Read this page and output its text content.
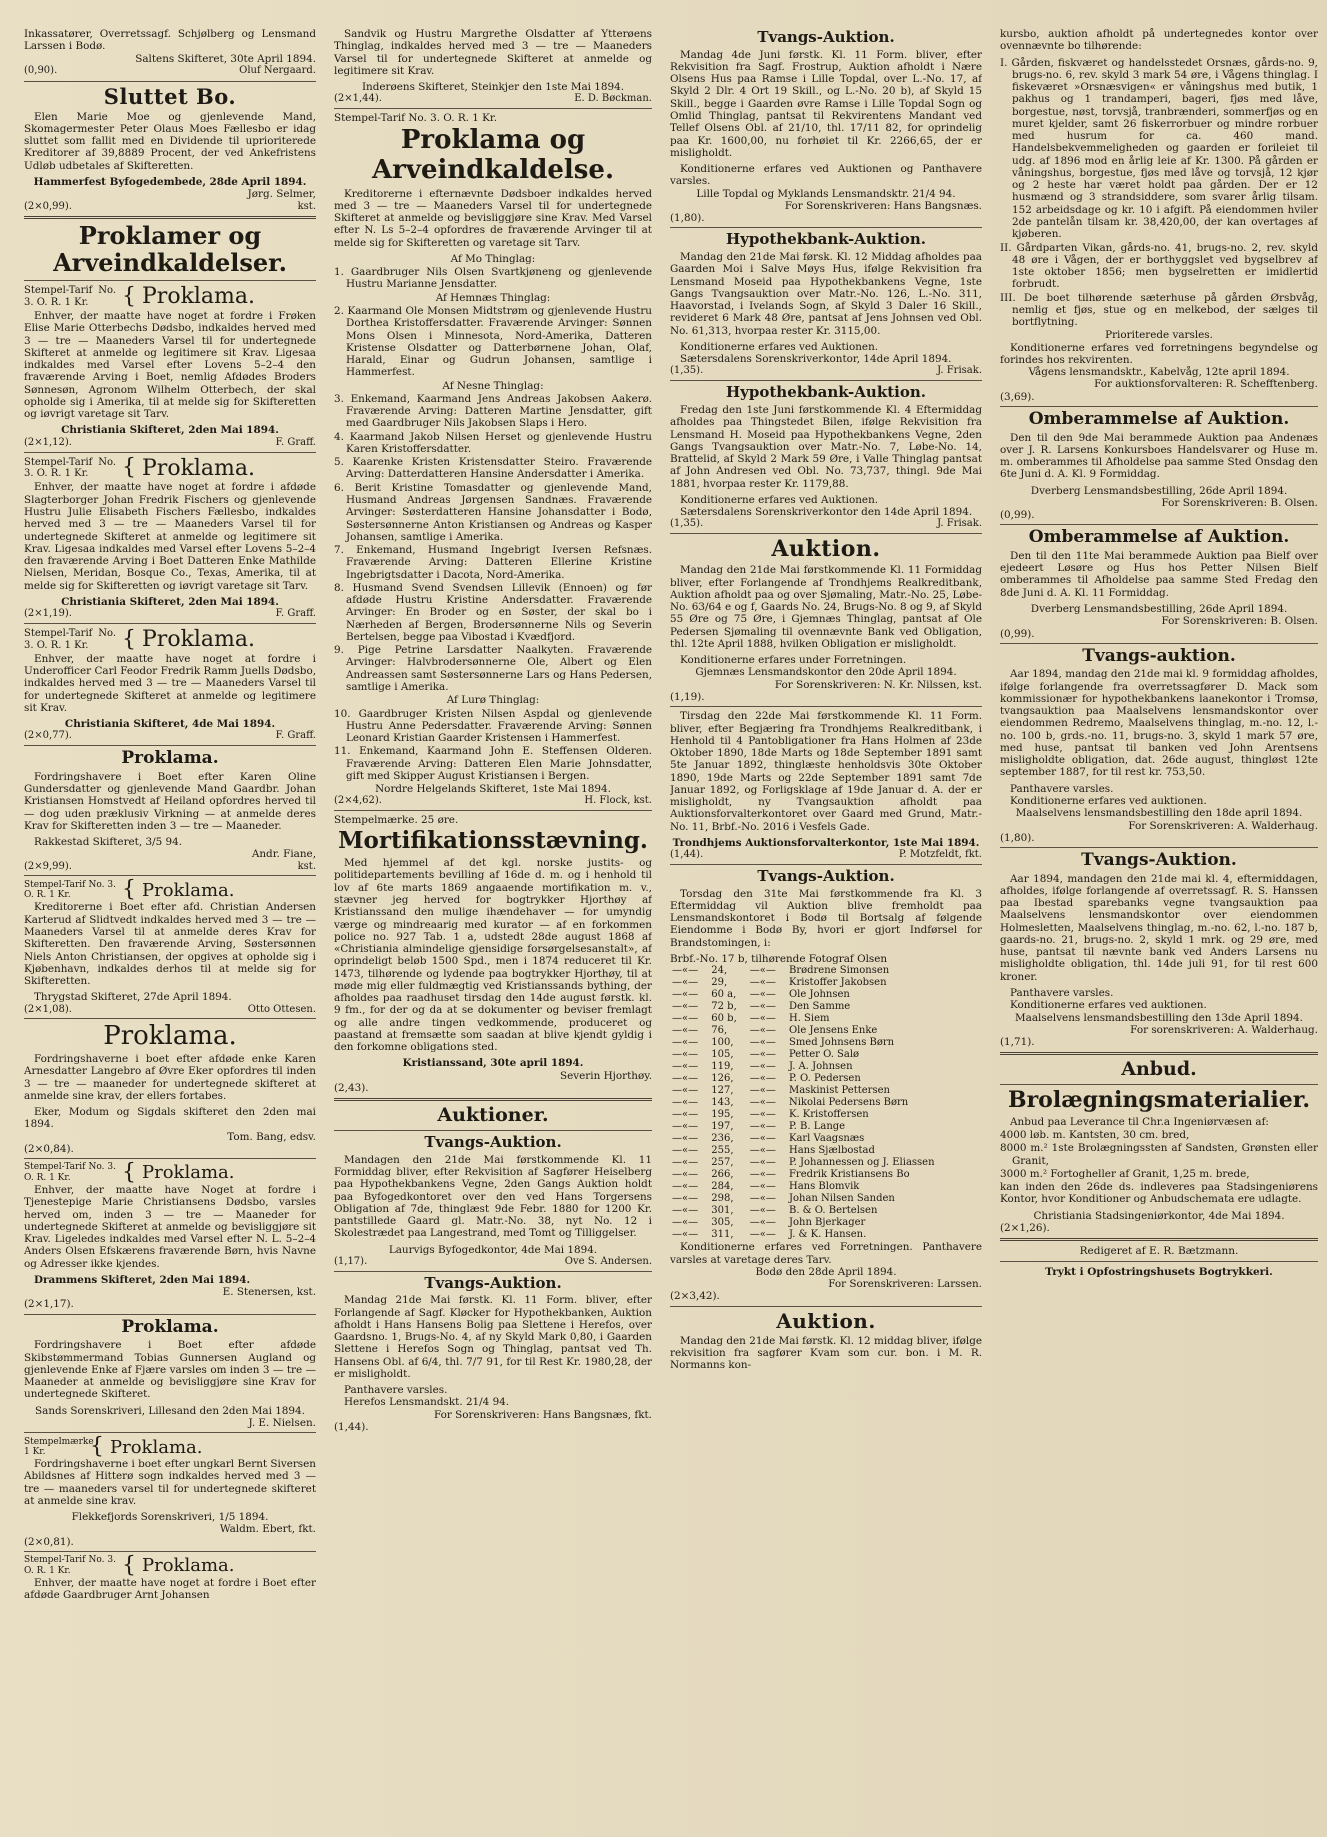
Inkassatører, Overretssagf. Schjølberg og Lensmand Larssen i Bodø.
Saltens Skifteret, 30te April 1894.
(0,90).	Oluf Nergaard.
Sluttet Bo.
Elen Marie Moe og gjenlevende Mand, Skomagermester Peter Olaus Moes Fællesbo er idag sluttet som fallit med en Dividende til uprioriterede Kreditorer af 39,8889 Procent, der ved Ankefristens Udløb udbetales af Skifteretten.
Hammerfest Byfogedembede, 28de April 1894.
Jørg. Selmer,
(2×0,99).	kst.
Proklamer og Arveindkaldelser.
Stempel-Tarif No. 3. O. R. 1 Kr.	{ Proklama.
Enhver, der maatte have noget at fordre i Frøken Elise Marie Otterbechs Dødsbo, indkaldes herved med 3 — tre — Maaneders Varsel til for undertegnede Skifteret at anmelde og legitimere sit Krav. Ligesaa indkaldes med Varsel efter Lovens 5–2–4 den fraværende Arving i Boet, nemlig Afdødes Broders Sønnesøn, Agronom Wilhelm Otterbech, der skal opholde sig i Amerika, til at melde sig for Skifteretten og iøvrigt varetage sit Tarv.
Christiania Skifteret, 2den Mai 1894.
(2×1,12).	F. Graff.
Stempel-Tarif No. 3. O. R. 1 Kr.	{ Proklama.
Enhver, der maatte have noget at fordre i afdøde Slagterborger Johan Fredrik Fischers og gjenlevende Hustru Julie Elisabeth Fischers Fællesbo, indkaldes herved med 3 — tre — Maaneders Varsel til for undertegnede Skifteret at anmelde og legitimere sit Krav. Ligesaa indkaldes med Varsel efter Lovens 5–2–4 den fraværende Arving i Boet Datteren Enke Mathilde Nielsen, Meridan, Bosque Co., Texas, Amerika, til at melde sig for Skifteretten og iøvrigt varetage sit Tarv.
Christiania Skifteret, 2den Mai 1894.
(2×1,19).	F. Graff.
Stempel-Tarif No. 3. O. R. 1 Kr.	{ Proklama.
Enhver, der maatte have noget at fordre i Underofficer Carl Feodor Fredrik Ramm Juells Dødsbo, indkaldes herved med 3 — tre — Maaneders Varsel til for undertegnede Skifteret at anmelde og legitimere sit Krav.
Christiania Skifteret, 4de Mai 1894.
(2×0,77).	F. Graff.
Proklama.
Fordringshavere i Boet efter Karen Oline Gundersdatter og gjenlevende Mand Gaardbr. Johan Kristiansen Homstvedt af Heiland opfordres herved til — dog uden præklusiv Virkning — at anmelde deres Krav for Skifteretten inden 3 — tre — Maaneder.
Rakkestad Skifteret, 3/5 94.
Andr. Fiane,
(2×9,99).	kst.
Stempel-Tarif No. 3. O. R. 1 Kr.	{ Proklama.
Kreditorerne i Boet efter afd. Christian Andersen Karterud af Slidtvedt indkaldes herved med 3 — tre — Maaneders Varsel til at anmelde deres Krav for Skifteretten. Den fraværende Arving, Søstersønnen Niels Anton Christiansen, der opgives at opholde sig i Kjøbenhavn, indkaldes derhos til at melde sig for Skifteretten.
Thrygstad Skifteret, 27de April 1894.
(2×1,08).	Otto Ottesen.
Proklama.
Fordringshaverne i boet efter afdøde enke Karen Arnesdatter Langebro af Øvre Eker opfordres til inden 3 — tre — maaneder for undertegnede skifteret at anmelde sine krav, der ellers fortabes.
Eker, Modum og Sigdals skifteret den 2den mai 1894.
Tom. Bang, edsv.
(2×0,84).
Stempel-Tarif No. 3. O. R. 1 Kr.	{ Proklama.
Enhver, der maatte have Noget at fordre i Tjenestepige Marie Christiansens Dødsbo, varsles herved om, inden 3 — tre — Maaneder for undertegnede Skifteret at anmelde og bevisliggjøre sit Krav. Ligeledes indkaldes med Varsel efter N. L. 5–2–4 Anders Olsen Efskærens fraværende Børn, hvis Navne og Adresser ikke kjendes.
Drammens Skifteret, 2den Mai 1894.
E. Stenersen, kst.
(2×1,17).
Proklama.
Fordringshavere i Boet efter afdøde Skibstømmermand Tobias Gunnersen Augland og gjenlevende Enke af Fjære varsles om inden 3 — tre — Maaneder at anmelde og bevisliggjøre sine Krav for undertegnede Skifteret.
Sands Sorenskriveri, Lillesand den 2den Mai 1894.
J. E. Nielsen.
Stempelmærke 1 Kr.	{ Proklama.
Fordringshaverne i boet efter ungkarl Bernt Siversen Abildsnes af Hitterø sogn indkaldes herved med 3 — tre — maaneders varsel til for undertegnede skifteret at anmelde sine krav.
Flekkefjords Sorenskriveri, 1/5 1894.
Waldm. Ebert, fkt.
(2×0,81).
Stempel-Tarif No. 3. O. R. 1 Kr.	{ Proklama.
Enhver, der maatte have noget at fordre i Boet efter afdøde Gaardbruger Arnt Johansen
Sandvik og Hustru Margrethe Olsdatter af Ytterøens Thinglag, indkaldes herved med 3 — tre — Maaneders Varsel til for undertegnede Skifteret at anmelde og legitimere sit Krav.
Inderøens Skifteret, Steinkjer den 1ste Mai 1894.
(2×1,44).	E. D. Bøckman.
Stempel-Tarif No. 3. O. R. 1 Kr.
Proklama og Arveindkaldelse.
Kreditorerne i efternævnte Dødsboer indkaldes herved med 3 — tre — Maaneders Varsel til for undertegnede Skifteret at anmelde og bevisliggjøre sine Krav. Med Varsel efter N. Ls 5–2–4 opfordres de fraværende Arvinger til at melde sig for Skifteretten og varetage sit Tarv.
Af Mo Thinglag:
1. Gaardbruger Nils Olsen Svartkjøneng og gjenlevende Hustru Marianne Jensdatter.
Af Hemnæs Thinglag:
2. Kaarmand Ole Monsen Midtstrøm og gjenlevende Hustru Dorthea Kristoffersdatter. Fraværende Arvinger: Sønnen Mons Olsen i Minnesota, Nord-Amerika, Datteren Kristense Olsdatter og Datterbørnene Johan, Olaf, Harald, Einar og Gudrun Johansen, samtlige i Hammerfest.
Af Nesne Thinglag:
3. Enkemand, Kaarmand Jens Andreas Jakobsen Aakerø. Fraværende Arving: Datteren Martine Jensdatter, gift med Gaardbruger Nils Jakobsen Slaps i Hero.
4. Kaarmand Jakob Nilsen Herset og gjenlevende Hustru Karen Kristoffersdatter.
5. Kaarenke Kristen Kristensdatter Steiro. Fraværende Arving: Datterdatteren Hansine Andersdatter i Amerika.
6. Berit Kristine Tomasdatter og gjenlevende Mand, Husmand Andreas Jørgensen Sandnæs. Fraværende Arvinger: Søsterdatteren Hansine Johansdatter i Bodø, Søstersønnerne Anton Kristiansen og Andreas og Kasper Johansen, samtlige i Amerika.
7. Enkemand, Husmand Ingebrigt Iversen Refsnæs. Fraværende Arving: Datteren Ellerine Kristine Ingebrigtsdatter i Dacota, Nord-Amerika.
8. Husmand Svend Svendsen Lillevik (Ennoen) og før afdøde Hustru Kristine Andersdatter. Fraværende Arvinger: En Broder og en Søster, der skal bo i Nærheden af Bergen, Brodersønnerne Nils og Severin Bertelsen, begge paa Vibostad i Kvædfjord.
9. Pige Petrine Larsdatter Naalkyten. Fraværende Arvinger: Halvbrodersønnerne Ole, Albert og Elen Andreassen samt Søstersønnerne Lars og Hans Pedersen, samtlige i Amerika.
Af Lurø Thinglag:
10. Gaardbruger Kristen Nilsen Aspdal og gjenlevende Hustru Anne Pedersdatter. Fraværende Arving: Sønnen Leonard Kristian Gaarder Kristensen i Hammerfest.
11. Enkemand, Kaarmand John E. Steffensen Olderen. Fraværende Arving: Datteren Elen Marie Johnsdatter, gift med Skipper August Kristiansen i Bergen.
Nordre Helgelands Skifteret, 1ste Mai 1894.
(2×4,62).	H. Flock, kst.
Stempelmærke. 25 øre.
Mortifikationsstævning.
Med hjemmel af det kgl. norske justits- og politidepartements bevilling af 16de d. m. og i henhold til lov af 6te marts 1869 angaaende mortifikation m. v., stævner jeg herved for bogtrykker Hjorthøy af Kristianssand den mulige ihændehaver — for umyndig værge og mindreaarig med kurator — af en forkommen police no. 927 Tab. 1 a, udstedt 28de august 1868 af «Christiania almindelige gjensidige forsørgelsesanstalt», af oprindeligt beløb 1500 Spd., men i 1874 reduceret til Kr. 1473, tilhørende og lydende paa bogtrykker Hjorthøy, til at møde mig eller fuldmægtig ved Kristianssands bything, der afholdes paa raadhuset tirsdag den 14de august førstk. kl. 9 fm., for der og da at se dokumenter og beviser fremlagt og alle andre tingen vedkommende, produceret og paastand at fremsætte som saadan at blive kjendt gyldig i den forkomne obligations sted.
Kristianssand, 30te april 1894.
Severin Hjorthøy.
(2,43).
Auktioner.
Tvangs-Auktion.
Mandagen den 21de Mai førstkommende Kl. 11 Formiddag bliver, efter Rekvisition af Sagfører Heiselberg paa Hypothekbankens Vegne, 2den Gangs Auktion holdt paa Byfogedkontoret over den ved Hans Torgersens Obligation af 7de, thinglæst 9de Febr. 1880 for 1200 Kr. pantstillede Gaard gl. Matr.-No. 38, nyt No. 12 i Skolestrædet paa Langestrand, med Tomt og Tilliggelser.
Laurvigs Byfogedkontor, 4de Mai 1894.
(1,17).	Ove S. Andersen.
Tvangs-Auktion.
Mandag 21de Mai førstk. Kl. 11 Form. bliver, efter Forlangende af Sagf. Kløcker for Hypothekbanken, Auktion afholdt i Hans Hansens Bolig paa Slettene i Herefos, over Gaardsno. 1, Brugs-No. 4, af ny Skyld Mark 0,80, i Gaarden Slettene i Herefos Sogn og Thinglag, pantsat ved Th. Hansens Obl. af 6/4, thl. 7/7 91, for til Rest Kr. 1980,28, der er misligholdt.
Panthavere varsles.
Herefos Lensmandskt. 21/4 94.
For Sorenskriveren: Hans Bangsnæs, fkt.
(1,44).
Tvangs-Auktion.
Mandag 4de Juni førstk. Kl. 11 Form. bliver, efter Rekvisition fra Sagf. Frostrup, Auktion afholdt i Nære Olsens Hus paa Ramse i Lille Topdal, over L.-No. 17, af Skyld 2 Dlr. 4 Ort 19 Skill., og L.-No. 20 b), af Skyld 15 Skill., begge i Gaarden øvre Ramse i Lille Topdal Sogn og Omlid Thinglag, pantsat til Rekvirentens Mandant ved Tellef Olsens Obl. af 21/10, thl. 17/11 82, for oprindelig paa Kr. 1600,00, nu forhøiet til Kr. 2266,65, der er misligholdt.
Konditionerne erfares ved Auktionen og Panthavere varsles.
Lille Topdal og Myklands Lensmandsktr. 21/4 94.
For Sorenskriveren: Hans Bangsnæs.
(1,80).
Hypothekbank-Auktion.
Mandag den 21de Mai førsk. Kl. 12 Middag afholdes paa Gaarden Moi i Salve Møys Hus, ifølge Rekvisition fra Lensmand Moseid paa Hypothekbankens Vegne, 1ste Gangs Tvangsauktion over Matr.-No. 126, L.-No. 311, Haavorstad, i Ivelands Sogn, af Skyld 3 Daler 16 Skill., revideret 6 Mark 48 Øre, pantsat af Jens Johnsen ved Obl. No. 61,313, hvorpaa rester Kr. 3115,00.
Konditionerne erfares ved Auktionen.
Sætersdalens Sorenskriverkontor, 14de April 1894.
(1,35).	J. Frisak.
Hypothekbank-Auktion.
Fredag den 1ste Juni førstkommende Kl. 4 Eftermiddag afholdes paa Thingstedet Bilen, ifølge Rekvisition fra Lensmand H. Moseid paa Hypothekbankens Vegne, 2den Gangs Tvangsauktion over Matr.-No. 7, Løbe-No. 14, Brattelid, af Skyld 2 Mark 59 Øre, i Valle Thinglag pantsat af John Andresen ved Obl. No. 73,737, thingl. 9de Mai 1881, hvorpaa rester Kr. 1179,88.
Konditionerne erfares ved Auktionen.
Sætersdalens Sorenskriverkontor den 14de April 1894.
(1,35).	J. Frisak.
Auktion.
Mandag den 21de Mai førstkommende Kl. 11 Formiddag bliver, efter Forlangende af Trondhjems Realkreditbank, Auktion afholdt paa og over Sjømaling, Matr.-No. 25, Løbe-No. 63/64 e og f, Gaards No. 24, Brugs-No. 8 og 9, af Skyld 55 Øre og 75 Øre, i Gjemnæs Thinglag, pantsat af Ole Pedersen Sjømaling til ovennævnte Bank ved Obligation, thl. 12te April 1888, hvilken Obligation er misligholdt.
Konditionerne erfares under Forretningen.
Gjemnæs Lensmandskontor den 20de April 1894.
For Sorenskriveren: N. Kr. Nilssen, kst.
(1,19).
Tirsdag den 22de Mai førstkommende Kl. 11 Form. bliver, efter Begjæring fra Trondhjems Realkreditbank, i Henhold til 4 Pantobligationer fra Hans Holmen af 23de Oktober 1890, 18de Marts og 18de September 1891 samt 5te Januar 1892, thinglæste henholdsvis 30te Oktober 1890, 19de Marts og 22de September 1891 samt 7de Januar 1892, og Forligsklage af 19de Januar d. A. der er misligholdt, ny Tvangsauktion afholdt paa Auktionsforvalterkontoret over Gaard med Grund, Matr.-No. 11, Brbf.-No. 2016 i Vesfels Gade.
Trondhjems Auktionsforvalterkontor, 1ste Mai 1894.
(1,44).	P. Motzfeldt, fkt.
Tvangs-Auktion.
Torsdag den 31te Mai førstkommende fra Kl. 3 Eftermiddag vil Auktion blive fremholdt paa Lensmandskontoret i Bodø til Bortsalg af følgende Eiendomme i Bodø By, hvori er gjort Indførsel for Brandstomingen, i:
Brbf.-No. 17 b, tilhørende Fotograf Olsen
—«—	24,	—«—	Brødrene Simonsen
—«—	29,	—«—	Kristoffer Jakobsen
—«—	60 a,	—«—	Ole Johnsen
—«—	72 b,	—«—	Den Samme
—«—	60 b,	—«—	H. Siem
—«—	76,	—«—	Ole Jensens Enke
—«—	100,	—«—	Smed Johnsens Børn
—«—	105,	—«—	Petter O. Salø
—«—	119,	—«—	J. A. Johnsen
—«—	126,	—«—	P. O. Pedersen
—«—	127,	—«—	Maskinist Pettersen
—«—	143,	—«—	Nikolai Pedersens Børn
—«—	195,	—«—	K. Kristoffersen
—«—	197,	—«—	P. B. Lange
—«—	236,	—«—	Karl Vaagsnæs
—«—	255,	—«—	Hans Sjælbostad
—«—	257,	—«—	P. Johannessen og J. Eliassen
—«—	266,	—«—	Fredrik Kristiansens Bo
—«—	284,	—«—	Hans Blomvik
—«—	298,	—«—	Johan Nilsen Sanden
—«—	301,	—«—	B. & O. Bertelsen
—«—	305,	—«—	John Bjerkager
—«—	311,	—«—	J. & K. Hansen.
Konditionerne erfares ved Forretningen. Panthavere varsles at varetage deres Tarv.
Bodø den 28de April 1894.
For Sorenskriveren: Larssen.
(2×3,42).
Auktion.
Mandag den 21de Mai førstk. Kl. 12 middag bliver, ifølge rekvisition fra sagfører Kvam som cur. bon. i M. R. Normanns kon-
kursbo, auktion afholdt på undertegnedes kontor over ovennævnte bo tilhørende:
I. Gården, fiskværet og handelsstedet Orsnæs, gårds-no. 9, brugs-no. 6, rev. skyld 3 mark 54 øre, i Vågens thinglag. I fiskeværet »Orsnæsvigen« er våningshus med butik, 1 pakhus og 1 trandamperi, bageri, fjøs med låve, borgestue, nøst, torvsjå, tranbrænderi, sommerfjøs og en muret kjelder, samt 26 fiskerrorbuer og mindre rorbuer med husrum for ca. 460 mand. Handelsbekvemmeligheden og gaarden er forileiet til udg. af 1896 mod en årlig leie af Kr. 1300. På gården er våningshus, borgestue, fjøs med låve og torvsjå, 12 kjør og 2 heste har været holdt paa gården. Der er 12 husmænd og 3 strandsiddere, som svarer årlig tilsam. 152 arbeidsdage og kr. 10 i afgift. På eiendommen hviler 2de pantelån tilsam kr. 38,420,00, der kan overtages af kjøberen.
II. Gårdparten Vikan, gårds-no. 41, brugs-no. 2, rev. skyld 48 øre i Vågen, der er borthyggslet ved bygselbrev af 1ste oktober 1856; men bygselretten er imidlertid forbrudt.
III. De boet tilhørende sæterhuse på gården Ørsbvåg, nemlig et fjøs, stue og en melkebod, der sælges til bortflytning.
Prioriterede varsles.
Konditionerne erfares ved forretningens begyndelse og forindes hos rekvirenten.
Vågens lensmandsktr., Kabelvåg, 12te april 1894.
For auktionsforvalteren: R. Schefftenberg.
(3,69).
Omberammelse af Auktion.
Den til den 9de Mai berammede Auktion paa Andenæs over J. R. Larsens Konkursboes Handelsvarer og Huse m. m. omberammes til Afholdelse paa samme Sted Onsdag den 6te Juni d. A. Kl. 9 Formiddag.
Dverberg Lensmandsbestilling, 26de April 1894.
For Sorenskriveren: B. Olsen.
(0,99).
Omberammelse af Auktion.
Den til den 11te Mai berammede Auktion paa Bielf over ejedeert Løsøre og Hus hos Petter Nilsen Bielf omberammes til Afholdelse paa samme Sted Fredag den 8de Juni d. A. Kl. 11 Formiddag.
Dverberg Lensmandsbestilling, 26de April 1894.
For Sorenskriveren: B. Olsen.
(0,99).
Tvangs-auktion.
Aar 1894, mandag den 21de mai kl. 9 formiddag afholdes, ifølge forlangende fra overretssagfører D. Mack som kommissionær for hypothekbankens laanekontor i Tromsø, tvangsauktion paa Maalselvens lensmandskontor over eiendommen Redremo, Maalselvens thinglag, m.-no. 12, l.-no. 100 b, grds.-no. 11, brugs-no. 3, skyld 1 mark 57 øre, med huse, pantsat til banken ved John Arentsens misligholdte obligation, dat. 26de august, thingløst 12te september 1887, for til rest kr. 753,50.
Panthavere varsles.
Konditionerne erfares ved auktionen.
Maalselvens lensmandsbestilling den 18de april 1894.
For Sorenskriveren: A. Walderhaug.
(1,80).
Tvangs-Auktion.
Aar 1894, mandagen den 21de mai kl. 4, eftermiddagen, afholdes, ifølge forlangende af overretssagf. R. S. Hanssen paa Ibestad sparebanks vegne tvangsauktion paa Maalselvens lensmandskontor over eiendommen Holmesletten, Maalselvens thinglag, m.-no. 62, l.-no. 187 b, gaards-no. 21, brugs-no. 2, skyld 1 mrk. og 29 øre, med huse, pantsat til nævnte bank ved Anders Larsens nu misligholdte obligation, thl. 14de juli 91, for til rest 600 kroner.
Panthavere varsles.
Konditionerne erfares ved auktionen.
Maalselvens lensmandsbestilling den 13de April 1894.
For sorenskriveren: A. Walderhaug.
(1,71).
Anbud.
Brolægningsmaterialier.
Anbud paa Leverance til Chr.a Ingeniørvæsen af:
4000 løb. m. Kantsten, 30 cm. bred,
8000 m.² 1ste Brolægningssten af Sandsten, Grønsten eller Granit,
3000 m.² Fortogheller af Granit, 1,25 m. brede,
kan inden den 26de ds. indleveres paa Stadsingeniørens Kontor, hvor Konditioner og Anbudschemata ere udlagte.
Christiania Stadsingeniørkontor, 4de Mai 1894.
(2×1,26).
Redigeret af E. R. Bætzmann.
Trykt i Opfostringshusets Bogtrykkeri.
